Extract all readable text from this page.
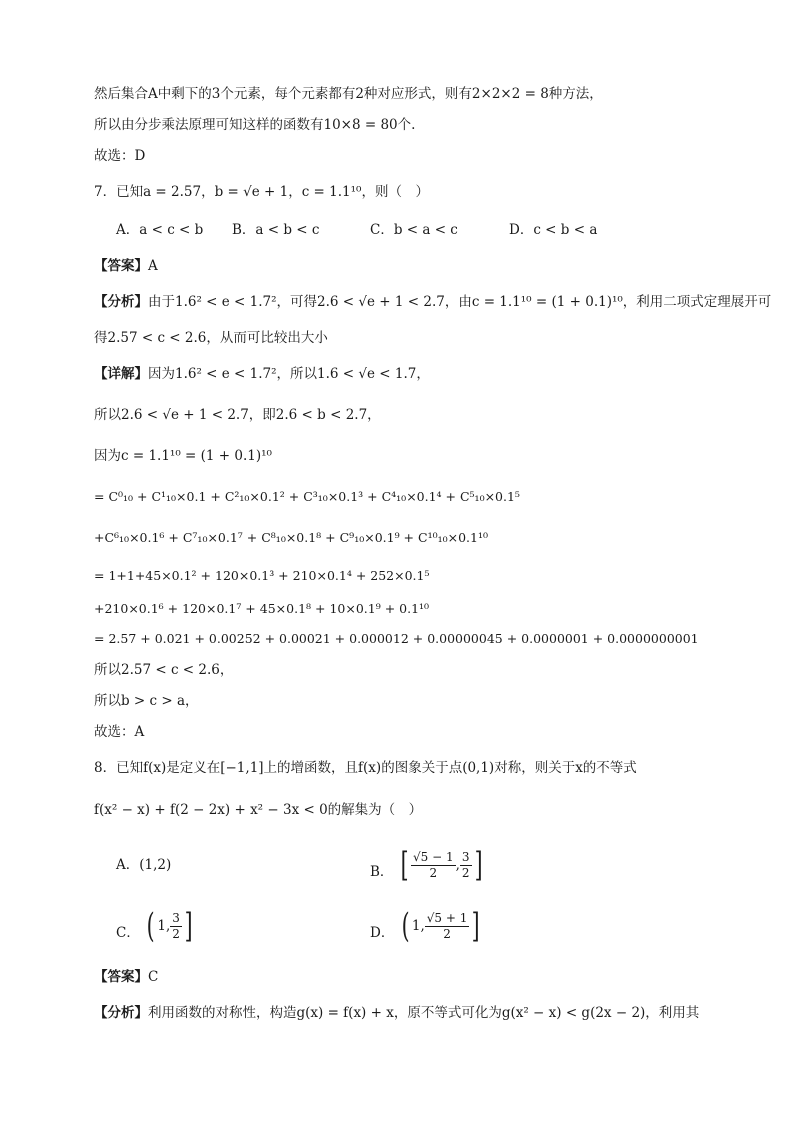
然后集合A中剩下的3个元素，每个元素都有2种对应形式，则有2×2×2 = 8种方法，
所以由分步乘法原理可知这样的函数有10×8 = 80个.
故选：D
7．已知a = 2.57，b = √e + 1，c = 1.1¹⁰，则（　）
A．a < c < b B．a < b < c	C．b < a < c	D．c < b < a
【答案】A
【分析】由于1.6² < e < 1.7²，可得2.6 < √e + 1 < 2.7，由c = 1.1¹⁰ = (1 + 0.1)¹⁰，利用二项式定理展开可
得2.57 < c < 2.6，从而可比较出大小
【详解】因为1.6² < e < 1.7²，所以1.6 < √e < 1.7，
所以2.6 < √e + 1 < 2.7，即2.6 < b < 2.7，
因为c = 1.1¹⁰ = (1 + 0.1)¹⁰
= C⁰₁₀ + C¹₁₀×0.1 + C²₁₀×0.1² + C³₁₀×0.1³ + C⁴₁₀×0.1⁴ + C⁵₁₀×0.1⁵
+C⁶₁₀×0.1⁶ + C⁷₁₀×0.1⁷ + C⁸₁₀×0.1⁸ + C⁹₁₀×0.1⁹ + C¹⁰₁₀×0.1¹⁰
= 1+1+45×0.1² + 120×0.1³ + 210×0.1⁴ + 252×0.1⁵
+210×0.1⁶ + 120×0.1⁷ + 45×0.1⁸ + 10×0.1⁹ + 0.1¹⁰
= 2.57 + 0.021 + 0.00252 + 0.00021 + 0.000012 + 0.00000045 + 0.0000001 + 0.0000000001
所以2.57 < c < 2.6，
所以b > c > a，
故选：A
8．已知f(x)是定义在[−1,1]上的增函数，且f(x)的图象关于点(0,1)对称，则关于x的不等式
f(x² − x) + f(2 − 2x) + x² − 3x < 0的解集为（　）
A．(1,2)	B． [ $\frac{√5 - 1}{2}$ , $\frac{3}{2}$ ]
C． ( 1, $\frac{3}{2}$ ]	D． ( 1, $\frac{√5 + 1}{2}$ ]
【答案】C
【分析】利用函数的对称性，构造g(x) = f(x) + x，原不等式可化为g(x² − x) < g(2x − 2)，利用其
